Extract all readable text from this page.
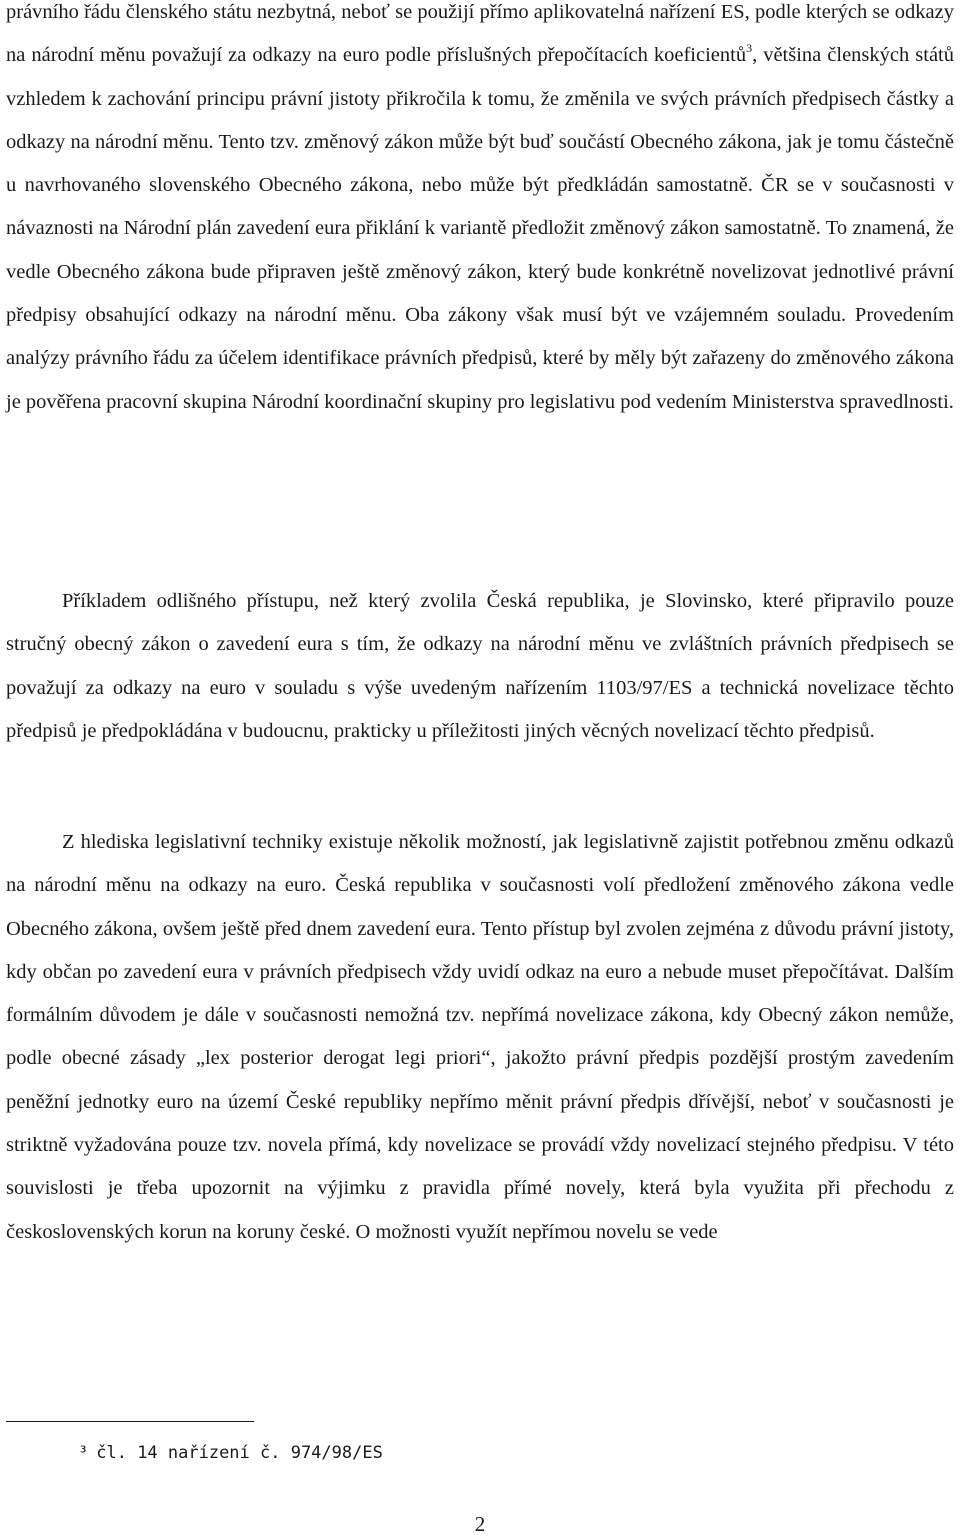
právního řádu členského státu nezbytná, neboť se použijí přímo aplikovatelná nařízení ES, podle kterých se odkazy na národní měnu považují za odkazy na euro podle příslušných přepočítacích koeficientů$^3$, většina členských států vzhledem k zachování principu právní jistoty přikročila k tomu, že změnila ve svých právních předpisech částky a odkazy na národní měnu. Tento tzv. změnový zákon může být buď součástí Obecného zákona, jak je tomu částečně u navrhovaného slovenského Obecného zákona, nebo může být předkládán samostatně. ČR se v současnosti v návaznosti na Národní plán zavedení eura přiklání k variantě předložit změnový zákon samostatně. To znamená, že vedle Obecného zákona bude připraven ještě změnový zákon, který bude konkrétně novelizovat jednotlivé právní předpisy obsahující odkazy na národní měnu. Oba zákony však musí být ve vzájemném souladu. Provedením analýzy právního řádu za účelem identifikace právních předpisů, které by měly být zařazeny do změnového zákona je pověřena pracovní skupina Národní koordinační skupiny pro legislativu pod vedením Ministerstva spravedlnosti.

Příkladem odlišného přístupu, než který zvolila Česká republika, je Slovinsko, které připravilo pouze stručný obecný zákon o zavedení eura s tím, že odkazy na národní měnu ve zvláštních právních předpisech se považují za odkazy na euro v souladu s výše uvedeným nařízením 1103/97/ES a technická novelizace těchto předpisů je předpokládána v budoucnu, prakticky u příležitosti jiných věcných novelizací těchto předpisů.

Z hlediska legislativní techniky existuje několik možností, jak legislativně zajistit potřebnou změnu odkazů na národní měnu na odkazy na euro. Česká republika v současnosti volí předložení změnového zákona vedle Obecného zákona, ovšem ještě před dnem zavedení eura. Tento přístup byl zvolen zejména z důvodu právní jistoty, kdy občan po zavedení eura v právních předpisech vždy uvidí odkaz na euro a nebude muset přepočítávat. Dalším formálním důvodem je dále v současnosti nemožná tzv. nepřímá novelizace zákona, kdy Obecný zákon nemůže, podle obecné zásady „lex posterior derogat legi priori“, jakožto právní předpis pozdější prostým zavedením peněžní jednotky euro na území České republiky nepřímo měnit právní předpis dřívější, neboť v současnosti je striktně vyžadována pouze tzv. novela přímá, kdy novelizace se provádí vždy novelizací stejného předpisu. V této souvislosti je třeba upozornit na výjimku z pravidla přímé novely, která byla využita při přechodu z československých korun na koruny české. O možnosti využít nepřímou novelu se vede

³ čl. 14 nařízení č. 974/98/ES
2
